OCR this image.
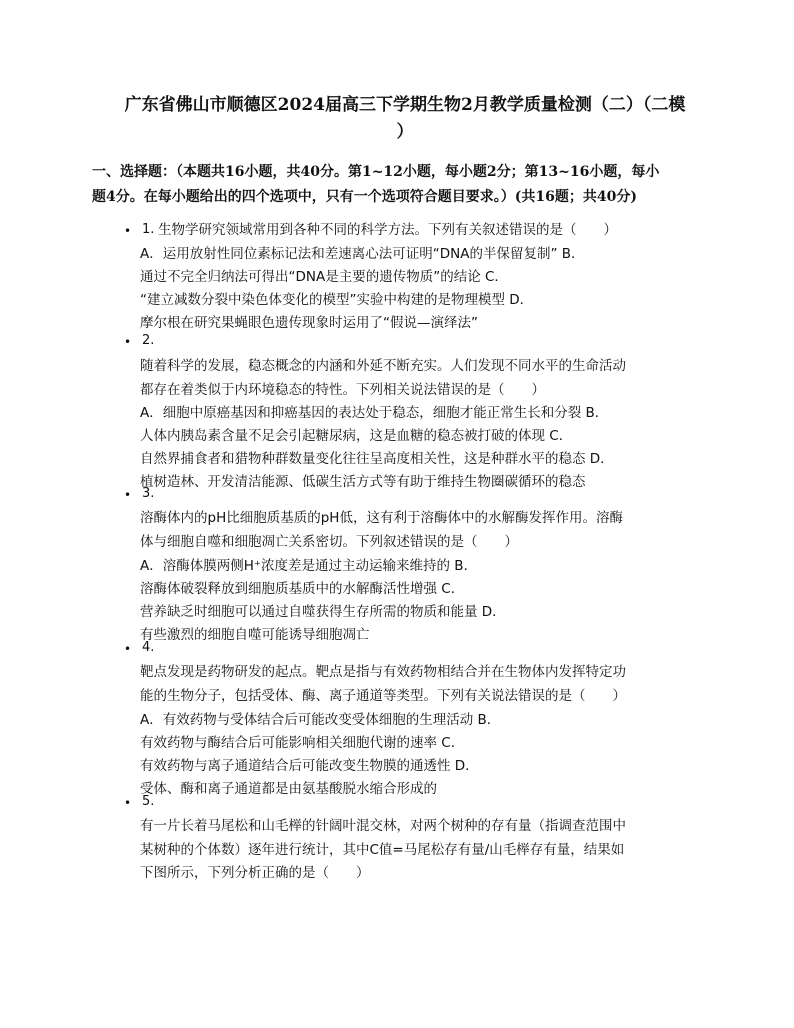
广东省佛山市顺德区2024届高三下学期生物2月教学质量检测（二）（二模
）
一、选择题：（本题共16小题，共40分。第1~12小题，每小题2分；第13~16小题，每小
题4分。在每小题给出的四个选项中，只有一个选项符合题目要求。）(共16题；共40分)
• 1. 生物学研究领域常用到各种不同的科学方法。下列有关叙述错误的是（　　）
A．运用放射性同位素标记法和差速离心法可证明“DNA的半保留复制” B．
通过不完全归纳法可得出“DNA是主要的遗传物质”的结论 C．
“建立减数分裂中染色体变化的模型”实验中构建的是物理模型 D．
摩尔根在研究果蝇眼色遗传现象时运用了“假说—演绎法”
• 2.
随着科学的发展，稳态概念的内涵和外延不断充实。人们发现不同水平的生命活动
都存在着类似于内环境稳态的特性。下列相关说法错误的是（　　）
A．细胞中原癌基因和抑癌基因的表达处于稳态，细胞才能正常生长和分裂 B．
人体内胰岛素含量不足会引起糖尿病，这是血糖的稳态被打破的体现 C．
自然界捕食者和猎物种群数量变化往往呈高度相关性，这是种群水平的稳态 D．
植树造林、开发清洁能源、低碳生活方式等有助于维持生物圈碳循环的稳态
• 3.
溶酶体内的pH比细胞质基质的pH低，这有利于溶酶体中的水解酶发挥作用。溶酶
体与细胞自噬和细胞凋亡关系密切。下列叙述错误的是（　　）
A．溶酶体膜两侧H⁺浓度差是通过主动运输来维持的 B．
溶酶体破裂释放到细胞质基质中的水解酶活性增强 C．
营养缺乏时细胞可以通过自噬获得生存所需的物质和能量 D．
有些激烈的细胞自噬可能诱导细胞凋亡
• 4.
靶点发现是药物研发的起点。靶点是指与有效药物相结合并在生物体内发挥特定功
能的生物分子，包括受体、酶、离子通道等类型。下列有关说法错误的是（　　）
A．有效药物与受体结合后可能改变受体细胞的生理活动 B．
有效药物与酶结合后可能影响相关细胞代谢的速率 C．
有效药物与离子通道结合后可能改变生物膜的通透性 D．
受体、酶和离子通道都是由氨基酸脱水缩合形成的
• 5.
有一片长着马尾松和山毛榉的针阔叶混交林，对两个树种的存有量（指调查范围中
某树种的个体数）逐年进行统计，其中C值=马尾松存有量/山毛榉存有量，结果如
下图所示，下列分析正确的是（　　）
